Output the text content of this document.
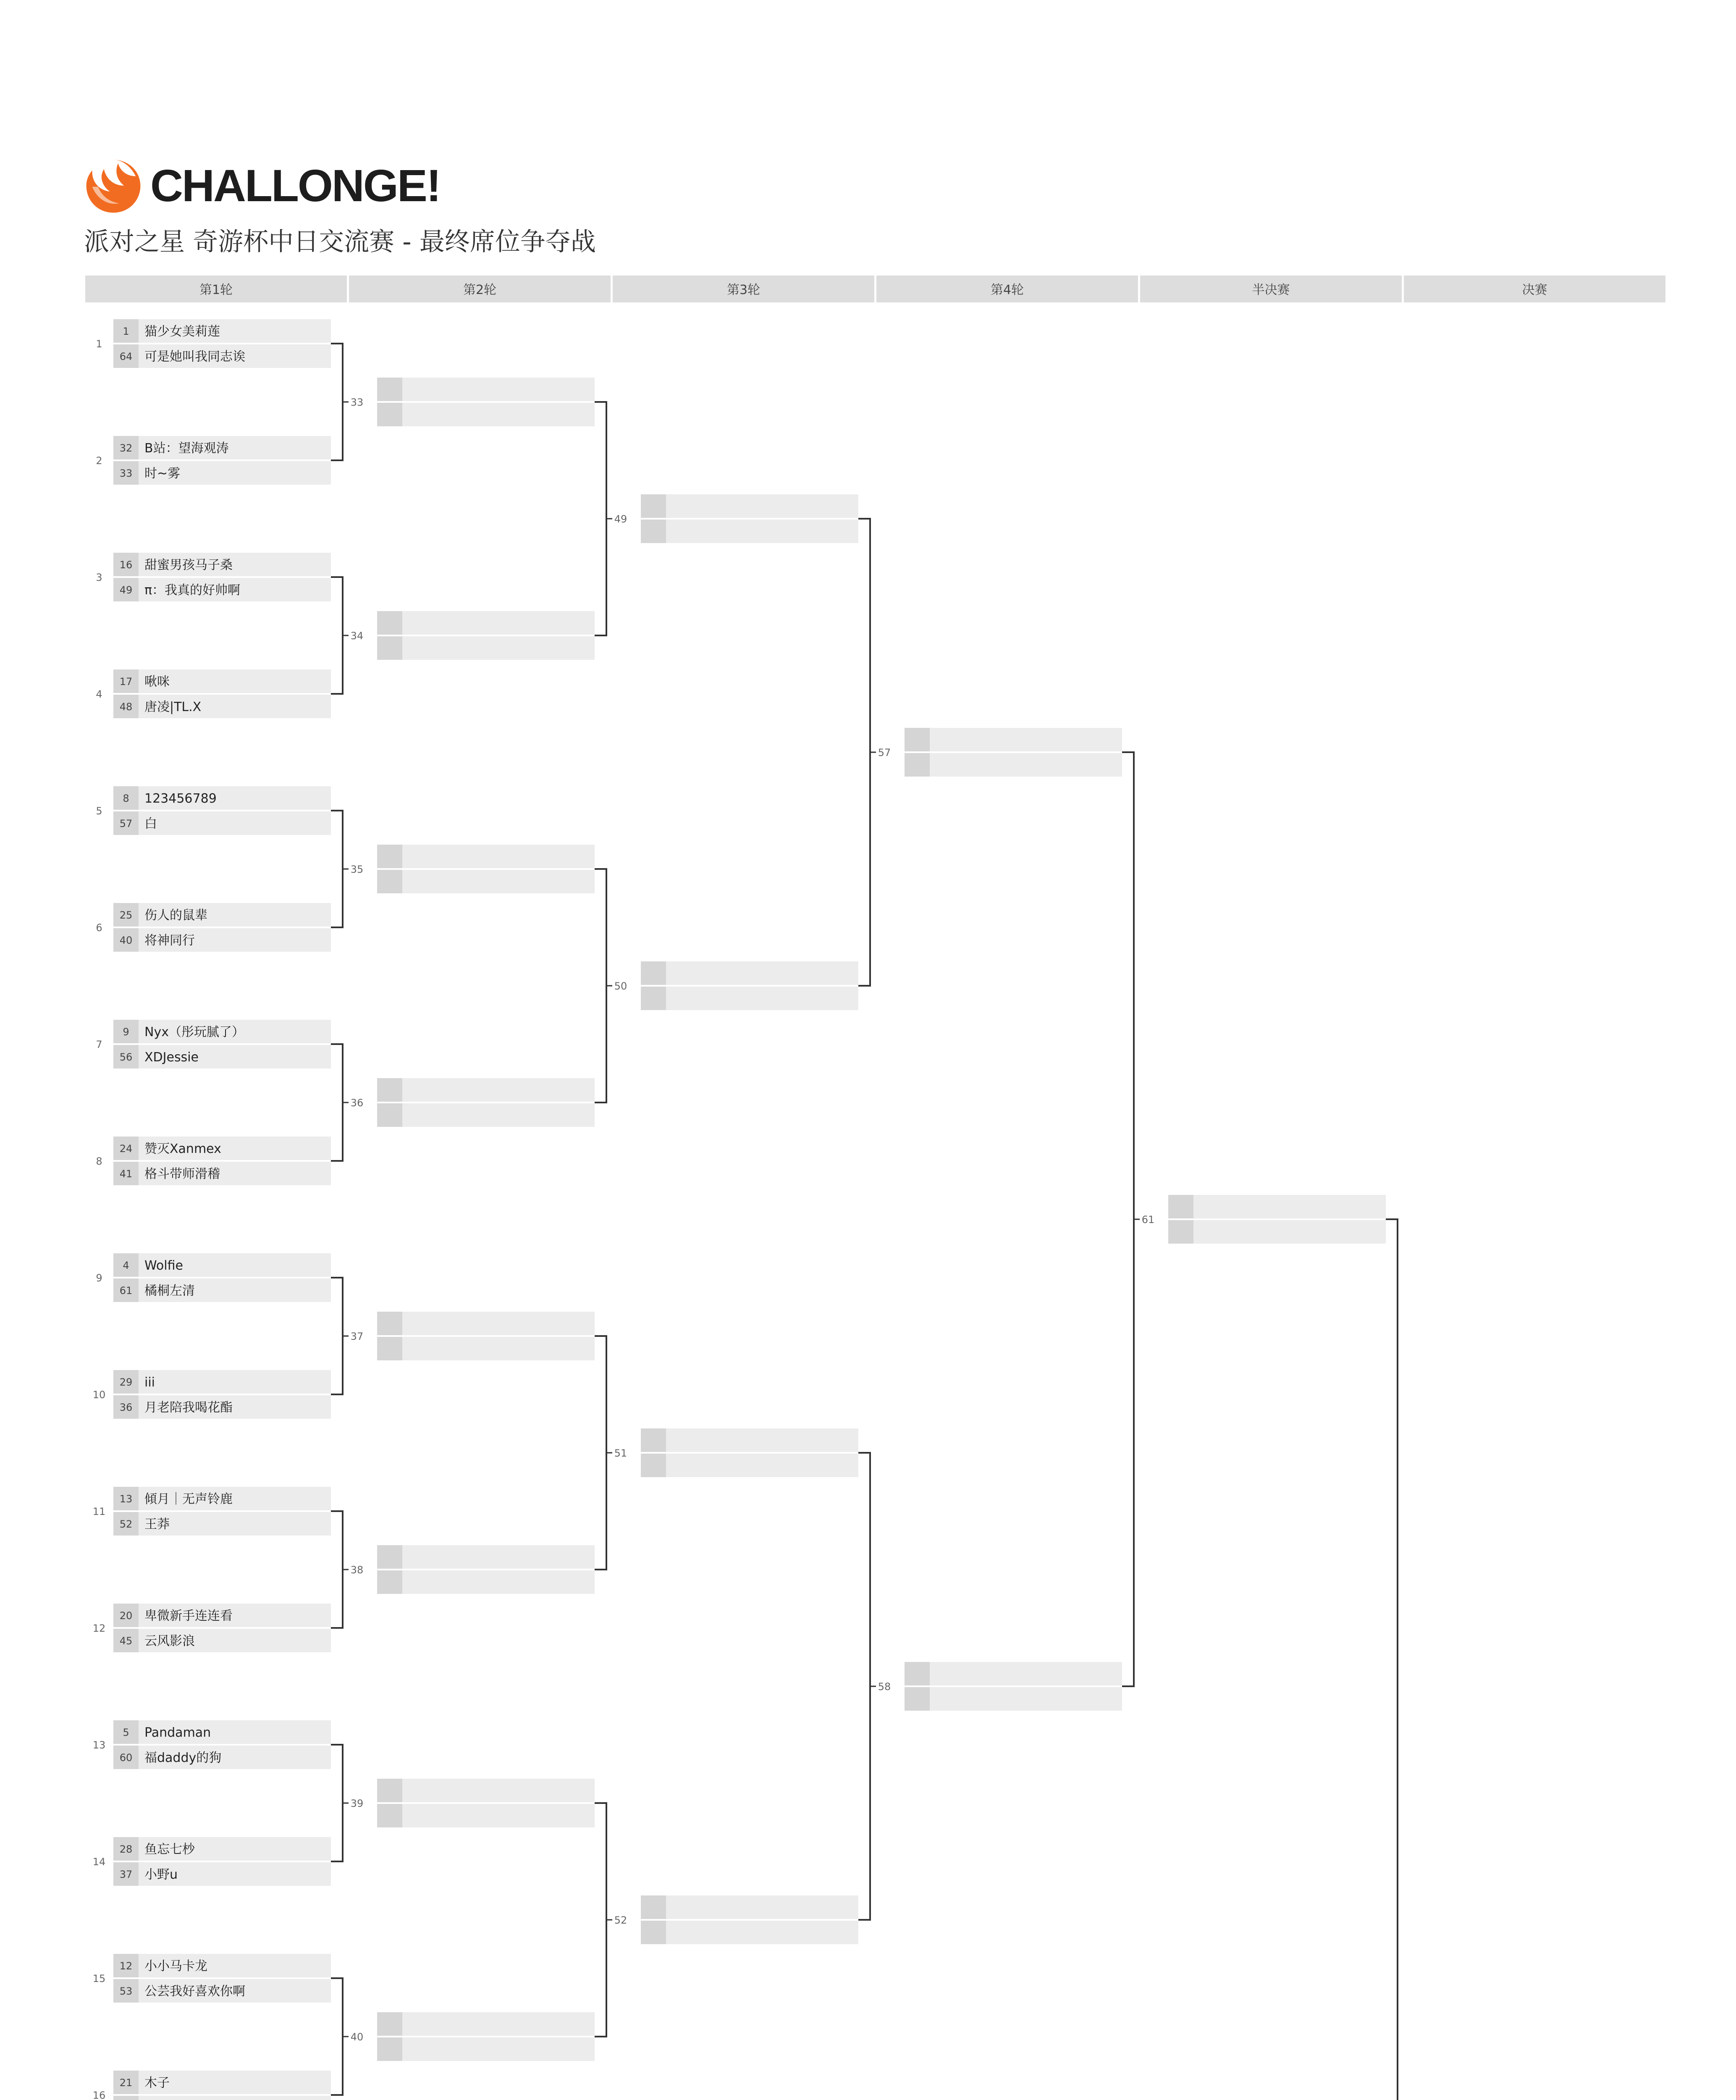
CHALLONGE!
派对之星 奇游杯中日交流赛 - 最终席位争夺战
第1轮	第2轮	第3轮	第4轮	半决赛	决赛
1 猫少女美莉莲
64 可是她叫我同志诶
1
32 B站：望海观涛
33 时~雾
2
16 甜蜜男孩马子桑
49 π：我真的好帅啊
3
17 啾咪
48 唐凌|TL.X
4
8 123456789
57 白
5
25 伤人的鼠辈
40 将神同行
6
9 Nyx（彤玩腻了）
56 XDJessie
7
24 赞灭Xanmex
41 格斗带师滑稽
8
4 Wolfie
61 橘桐左清
9
29 iii
36 月老陪我喝花酯
10
13 傾月｜无声铃鹿
52 王莽
11
20 卑微新手连连看
45 云风影浪
12
5 Pandaman
60 福daddy的狗
13
28 鱼忘七杪
37 小野u
14
12 小小马卡龙
53 公芸我好喜欢你啊
15
21 木子
16
33
34
35
36
37
38
39
40
49
50
51
52
57
58
61
